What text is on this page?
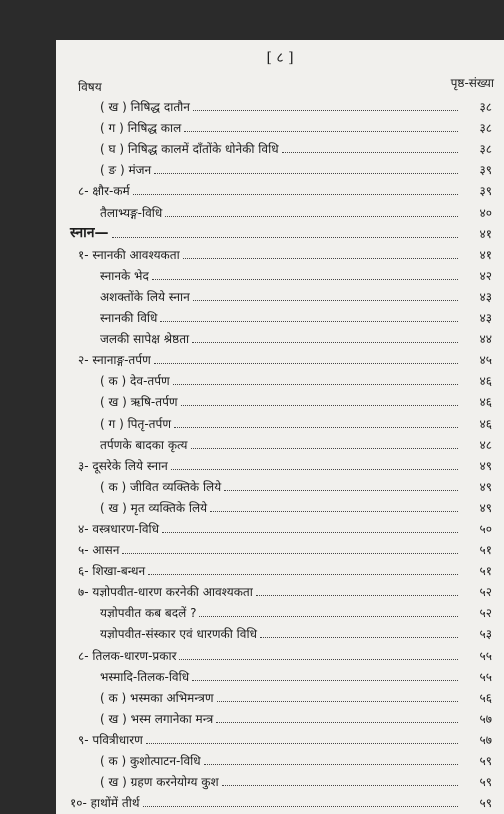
[ ८ ]
विषय	पृष्ठ-संख्या
( ख ) निषिद्ध दातौन	३८
( ग ) निषिद्ध काल	३८
( घ ) निषिद्ध कालमें दाँतोंके धोनेकी विधि	३८
( ङ ) मंजन	३९
८- क्षौर-कर्म	३९
तैलाभ्यङ्ग-विधि	४०
स्नान—	४१
१- स्नानकी आवश्यकता	४१
स्नानके भेद	४२
अशक्तोंके लिये स्नान	४३
स्नानकी विधि	४३
जलकी सापेक्ष श्रेष्ठता	४४
२- स्नानाङ्ग-तर्पण	४५
( क ) देव-तर्पण	४६
( ख ) ऋषि-तर्पण	४६
( ग ) पितृ-तर्पण	४६
तर्पणके बादका कृत्य	४८
३- दूसरेके लिये स्नान	४९
( क ) जीवित व्यक्तिके लिये	४९
( ख ) मृत व्यक्तिके लिये	४९
४- वस्त्रधारण-विधि	५०
५- आसन	५१
६- शिखा-बन्धन	५१
७- यज्ञोपवीत-धारण करनेकी आवश्यकता	५२
यज्ञोपवीत कब बदलें ?	५२
यज्ञोपवीत-संस्कार एवं धारणकी विधि	५३
८- तिलक-धारण-प्रकार	५५
भस्मादि-तिलक-विधि	५५
( क ) भस्मका अभिमन्त्रण	५६
( ख ) भस्म लगानेका मन्त्र	५७
९- पवित्रीधारण	५७
( क ) कुशोत्पाटन-विधि	५९
( ख ) ग्रहण करनेयोग्य कुश	५९
१०- हाथोंमें तीर्थ	५९
